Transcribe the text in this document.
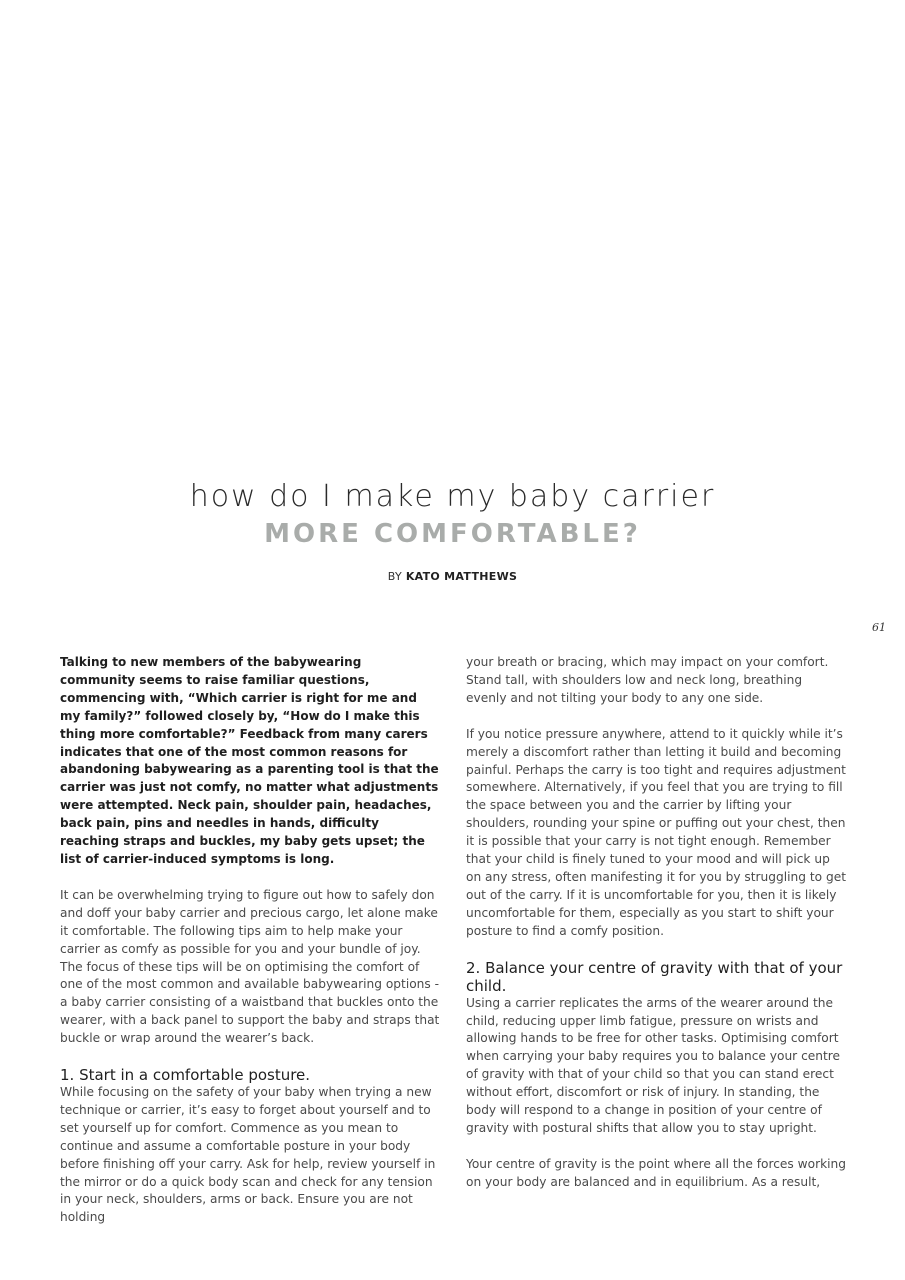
how do I make my baby carrier
MORE COMFORTABLE?
BY KATO MATTHEWS
61

Talking to new members of the babywearing community seems to raise familiar questions, commencing with, “Which carrier is right for me and my family?” followed closely by, “How do I make this thing more comfortable?” Feedback from many carers indicates that one of the most common reasons for abandoning babywearing as a parenting tool is that the carrier was just not comfy, no matter what adjustments were attempted. Neck pain, shoulder pain, headaches, back pain, pins and needles in hands, difficulty reaching straps and buckles, my baby gets upset; the list of carrier-induced symptoms is long.

It can be overwhelming trying to figure out how to safely don and doff your baby carrier and precious cargo, let alone make it comfortable. The following tips aim to help make your carrier as comfy as possible for you and your bundle of joy. The focus of these tips will be on optimising the comfort of one of the most common and available babywearing options - a baby carrier consisting of a waistband that buckles onto the wearer, with a back panel to support the baby and straps that buckle or wrap around the wearer’s back.

1. Start in a comfortable posture.

While focusing on the safety of your baby when trying a new technique or carrier, it’s easy to forget about yourself and to set yourself up for comfort. Commence as you mean to continue and assume a comfortable posture in your body before finishing off your carry. Ask for help, review yourself in the mirror or do a quick body scan and check for any tension in your neck, shoulders, arms or back. Ensure you are not holding

your breath or bracing, which may impact on your comfort. Stand tall, with shoulders low and neck long, breathing evenly and not tilting your body to any one side.

If you notice pressure anywhere, attend to it quickly while it’s merely a discomfort rather than letting it build and becoming painful. Perhaps the carry is too tight and requires adjustment somewhere. Alternatively, if you feel that you are trying to fill the space between you and the carrier by lifting your shoulders, rounding your spine or puffing out your chest, then it is possible that your carry is not tight enough. Remember that your child is finely tuned to your mood and will pick up on any stress, often manifesting it for you by struggling to get out of the carry. If it is uncomfortable for you, then it is likely uncomfortable for them, especially as you start to shift your posture to find a comfy position.

2. Balance your centre of gravity with that of your child.

Using a carrier replicates the arms of the wearer around the child, reducing upper limb fatigue, pressure on wrists and allowing hands to be free for other tasks. Optimising comfort when carrying your baby requires you to balance your centre of gravity with that of your child so that you can stand erect without effort, discomfort or risk of injury. In standing, the body will respond to a change in position of your centre of gravity with postural shifts that allow you to stay upright.

Your centre of gravity is the point where all the forces working on your body are balanced and in equilibrium. As a result,
